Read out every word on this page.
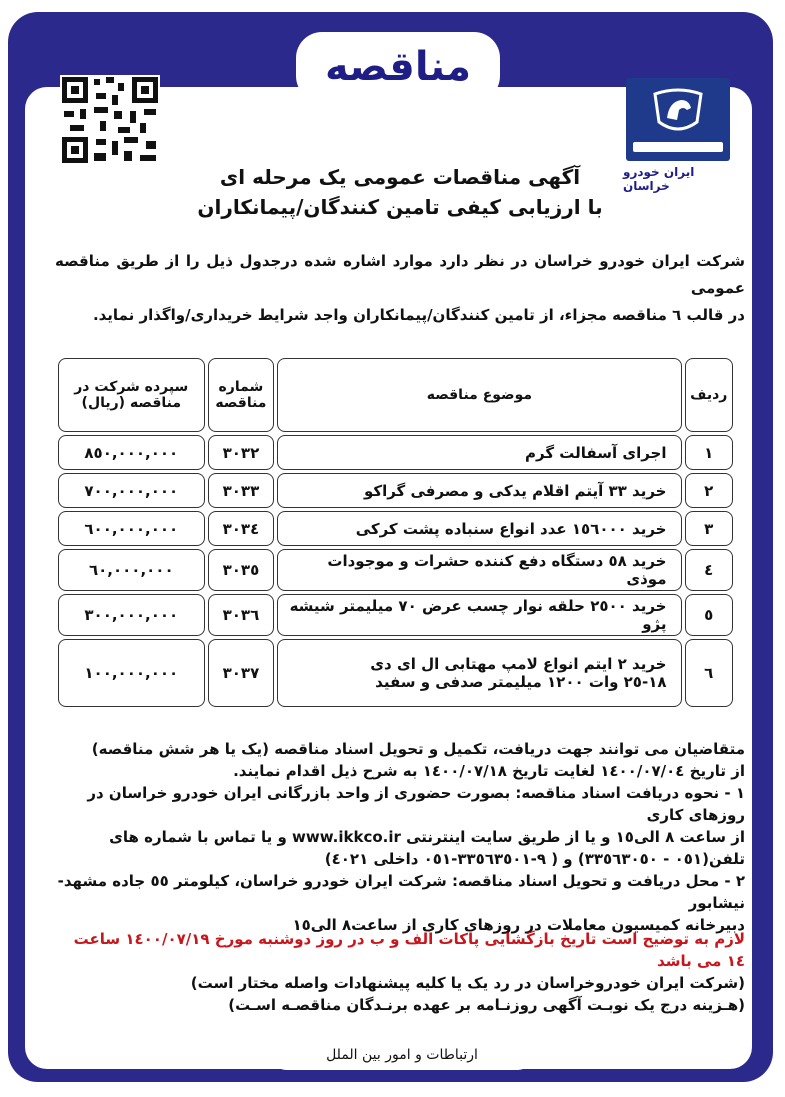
مناقصه
ایران خودرو خراسان
آگهی مناقصات عمومی یک مرحله ای
با ارزیابی کیفی تامین کنندگان/پیمانکاران
شرکت ایران خودرو خراسان در نظر دارد موارد اشاره شده درجدول ذیل را از طریق مناقصه عمومی
در قالب ٦ مناقصه مجزاء، از تامین کنندگان/پیمانکاران واجد شرایط خریداری/واگذار نماید.
ردیف	موضوع مناقصه	شماره مناقصه	سپرده شرکت در مناقصه (ریال)
١	اجرای آسفالت گرم	٣٠٣٢	٨٥٠,٠٠٠,٠٠٠
٢	خرید ٣٣ آیتم اقلام یدکی و مصرفی گراکو	٣٠٣٣	٧٠٠,٠٠٠,٠٠٠
٣	خرید ١٥٦٠٠٠ عدد انواع سنباده پشت کرکی	٣٠٣٤	٦٠٠,٠٠٠,٠٠٠
٤	خرید ٥٨ دستگاه دفع کننده حشرات و موجودات موذی	٣٠٣٥	٦٠,٠٠٠,٠٠٠
٥	خرید ٢٥٠٠ حلقه نوار چسب عرض ٧٠ میلیمتر شیشه پژو	٣٠٣٦	٣٠٠,٠٠٠,٠٠٠
٦	خرید ٢ ایتم انواع لامپ مهتابی ال ای دی
١٨-٢٥ وات ١٢٠٠ میلیمتر صدفی و سفید	٣٠٣٧	١٠٠,٠٠٠,٠٠٠
متقاضیان می توانند جهت دریافت، تکمیل و تحویل اسناد مناقصه (یک یا هر شش مناقصه)
از تاریخ ١٤٠٠/٠٧/٠٤ لغایت تاریخ ١٤٠٠/٠٧/١٨ به شرح ذیل اقدام نمایند.
١ - نحوه دریافت اسناد مناقصه: بصورت حضوری از واحد بازرگانی ایران خودرو خراسان در روزهای کاری
از ساعت ٨ الی١٥ و یا از طریق سایت اینترنتی www.ikkco.ir و یا تماس با شماره های
تلفن(٠٥١ - ٣٣٥٦٣٠٥٠) و ( ٩-٣٣٥٦٣٥٠١-٠٥١ داخلی ٤٠٢١)
٢ - محل دریافت و تحویل اسناد مناقصه: شرکت ایران خودرو خراسان، کیلومتر ٥٥ جاده مشهد-نیشابور
دبیرخانه کمیسیون معاملات در روزهای کاری از ساعت٨ الی١٥
لازم به توضیح است تاریخ بازگشایی پاکات الف و ب در روز دوشنبه مورخ ١٤٠٠/٠٧/١٩ ساعت ١٤ می باشد
(شرکت ایران خودروخراسان در رد یک یا کلیه پیشنهادات واصله مختار است)
(هـزینه درج یک نوبـت آگهی روزنـامه بر عهده برنـدگان مناقصـه اسـت)
ارتباطات و امور بین الملل
